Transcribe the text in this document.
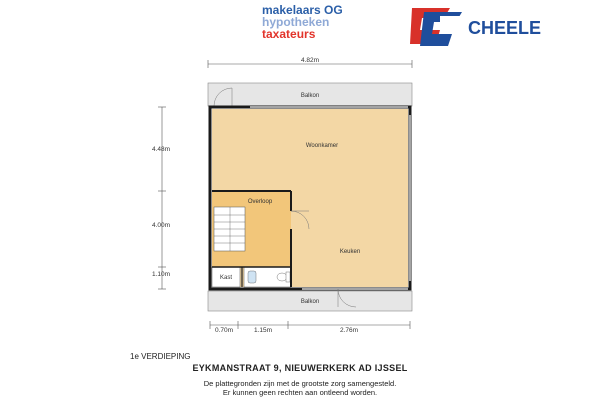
makelaars OG
hypotheken
taxateurs	CHEELE
4.82m
Balkon
Kast
Woonkamer
Overloop
Keuken
Balkon
4.48m
4.00m
1.10m
0.70m	1.15m	2.76m
1e VERDIEPING
EYKMANSTRAAT 9, NIEUWERKERK AD IJSSEL
De plattegronden zijn met de grootste zorg samengesteld.
Er kunnen geen rechten aan ontleend worden.
